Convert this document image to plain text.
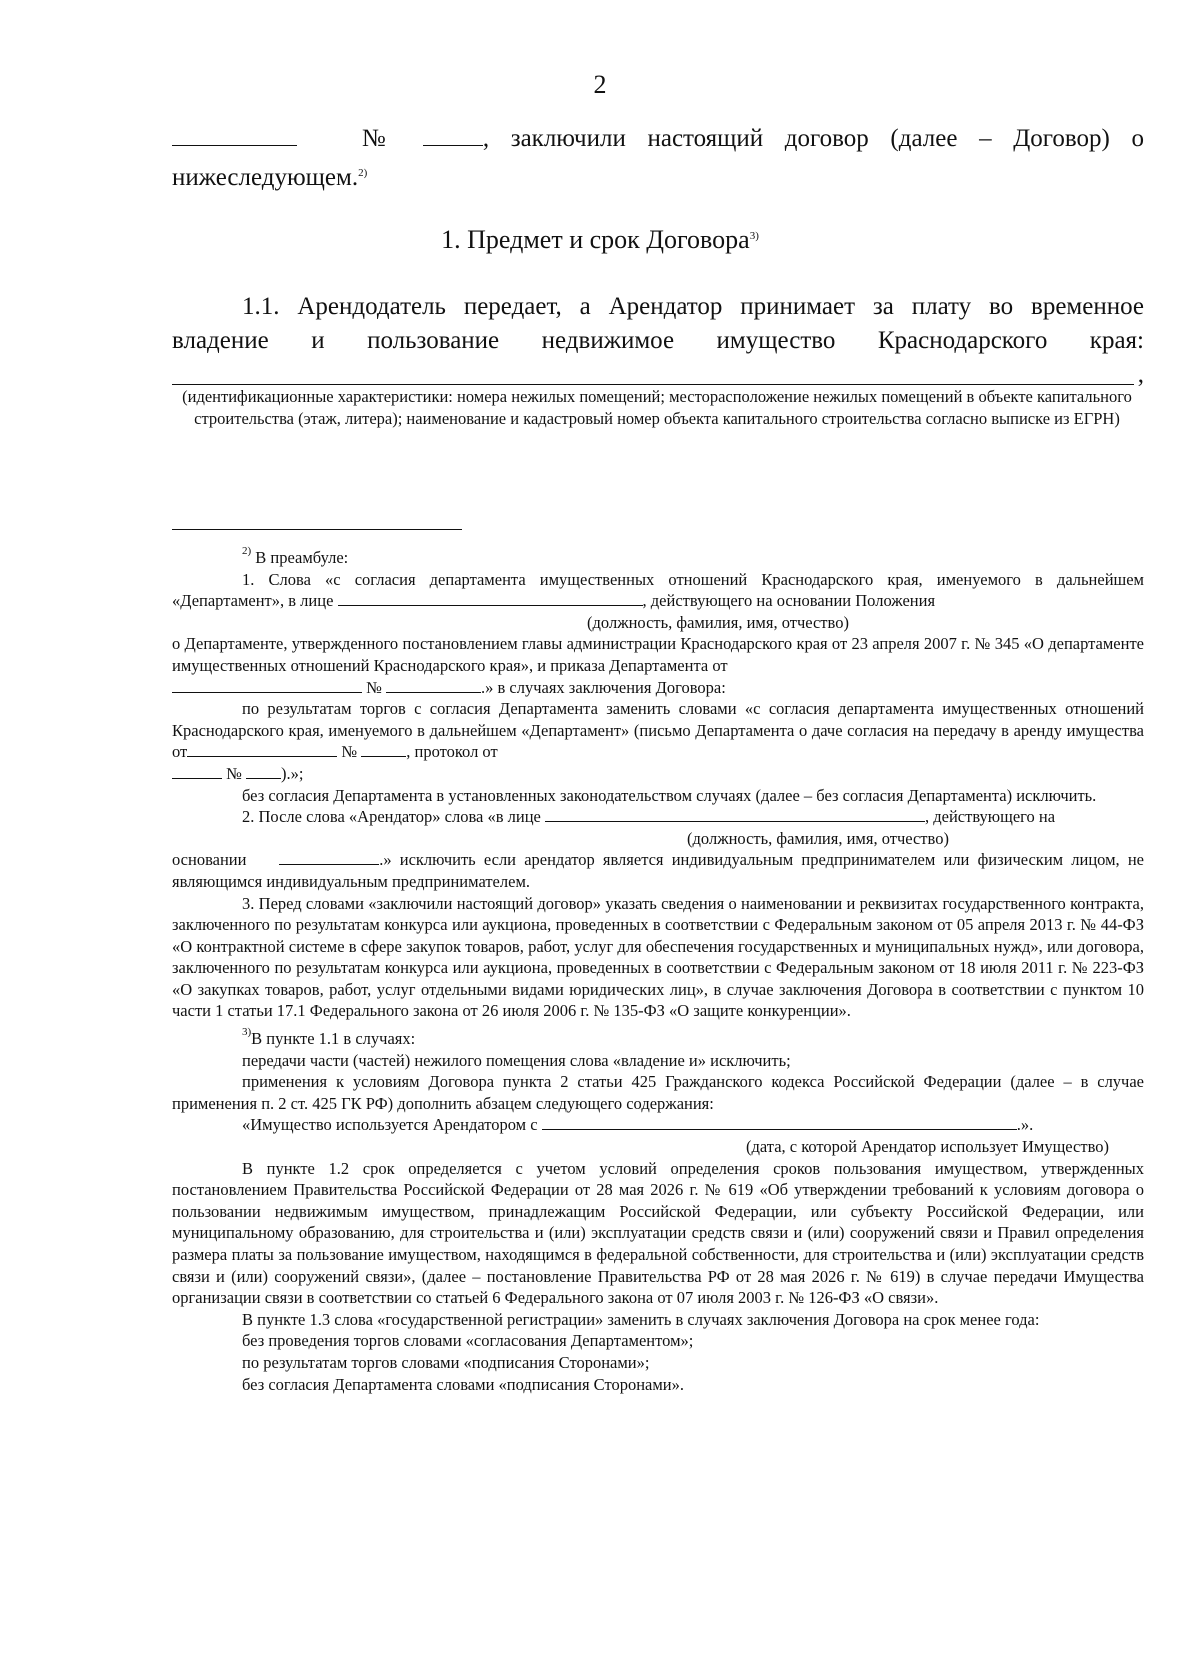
2
№	, заключили настоящий договор (далее – Договор) о
нижеследующем.$^{2)}$
1. Предмет и срок Договора$^{3)}$
1.1. Арендодатель передает, а Арендатор принимает за плату во временное
владение и пользование недвижимое имущество Краснодарского края:
,
(идентификационные характеристики: номера нежилых помещений; месторасположение нежилых помещений в объекте капитального строительства (этаж, литера); наименование и кадастровый номер объекта капитального строительства согласно выписке из ЕГРН)

$^{2)}$ В преамбуле:

1. Слова «с согласия департамента имущественных отношений Краснодарского края, именуемого в дальнейшем «Департамент», в лице	, действующего на основании Положения

(должность, фамилия, имя, отчество)

о Департаменте, утвержденного постановлением главы администрации Краснодарского края от 23 апреля 2007 г. № 345 «О департаменте имущественных отношений Краснодарского края», и приказа Департамента от

№	.» в случаях заключения Договора:

по результатам торгов с согласия Департамента заменить словами «с согласия департамента имущественных отношений Краснодарского края, именуемого в дальнейшем «Департамент» (письмо Департамента о даче согласия на передачу в аренду имущества от	№	, протокол от

№ ).»;

без согласия Департамента в установленных законодательством случаях (далее – без согласия Департамента) исключить.

2. После слова «Арендатор» слова «в лице	, действующего на

(должность, фамилия, имя, отчество)

основании	.» исключить если арендатор является индивидуальным предпринимателем или физическим лицом, не являющимся индивидуальным предпринимателем.

3. Перед словами «заключили настоящий договор» указать сведения о наименовании и реквизитах государственного контракта, заключенного по результатам конкурса или аукциона, проведенных в соответствии с Федеральным законом от 05 апреля 2013 г. № 44-ФЗ «О контрактной системе в сфере закупок товаров, работ, услуг для обеспечения государственных и муниципальных нужд», или договора, заключенного по результатам конкурса или аукциона, проведенных в соответствии с Федеральным законом от 18 июля 2011 г. № 223-ФЗ «О закупках товаров, работ, услуг отдельными видами юридических лиц», в случае заключения Договора в соответствии с пунктом 10 части 1 статьи 17.1 Федерального закона от 26 июля 2006 г. № 135-ФЗ «О защите конкуренции».

$^{3)}$В пункте 1.1 в случаях:

передачи части (частей) нежилого помещения слова «владение и» исключить;

применения к условиям Договора пункта 2 статьи 425 Гражданского кодекса Российской Федерации (далее – в случае применения п. 2 ст. 425 ГК РФ) дополнить абзацем следующего содержания:

«Имущество используется Арендатором с	.».

(дата, с которой Арендатор использует Имущество)

В пункте 1.2 срок определяется с учетом условий определения сроков пользования имуществом, утвержденных постановлением Правительства Российской Федерации от 28 мая 2026 г. № 619 «Об утверждении требований к условиям договора о пользовании недвижимым имуществом, принадлежащим Российской Федерации, или субъекту Российской Федерации, или муниципальному образованию, для строительства и (или) эксплуатации средств связи и (или) сооружений связи и Правил определения размера платы за пользование имуществом, находящимся в федеральной собственности, для строительства и (или) эксплуатации средств связи и (или) сооружений связи», (далее – постановление Правительства РФ от 28 мая 2026 г. № 619) в случае передачи Имущества организации связи в соответствии со статьей 6 Федерального закона от 07 июля 2003 г. № 126-ФЗ «О связи».

В пункте 1.3 слова «государственной регистрации» заменить в случаях заключения Договора на срок менее года:

без проведения торгов словами «согласования Департаментом»;

по результатам торгов словами «подписания Сторонами»;

без согласия Департамента словами «подписания Сторонами».
